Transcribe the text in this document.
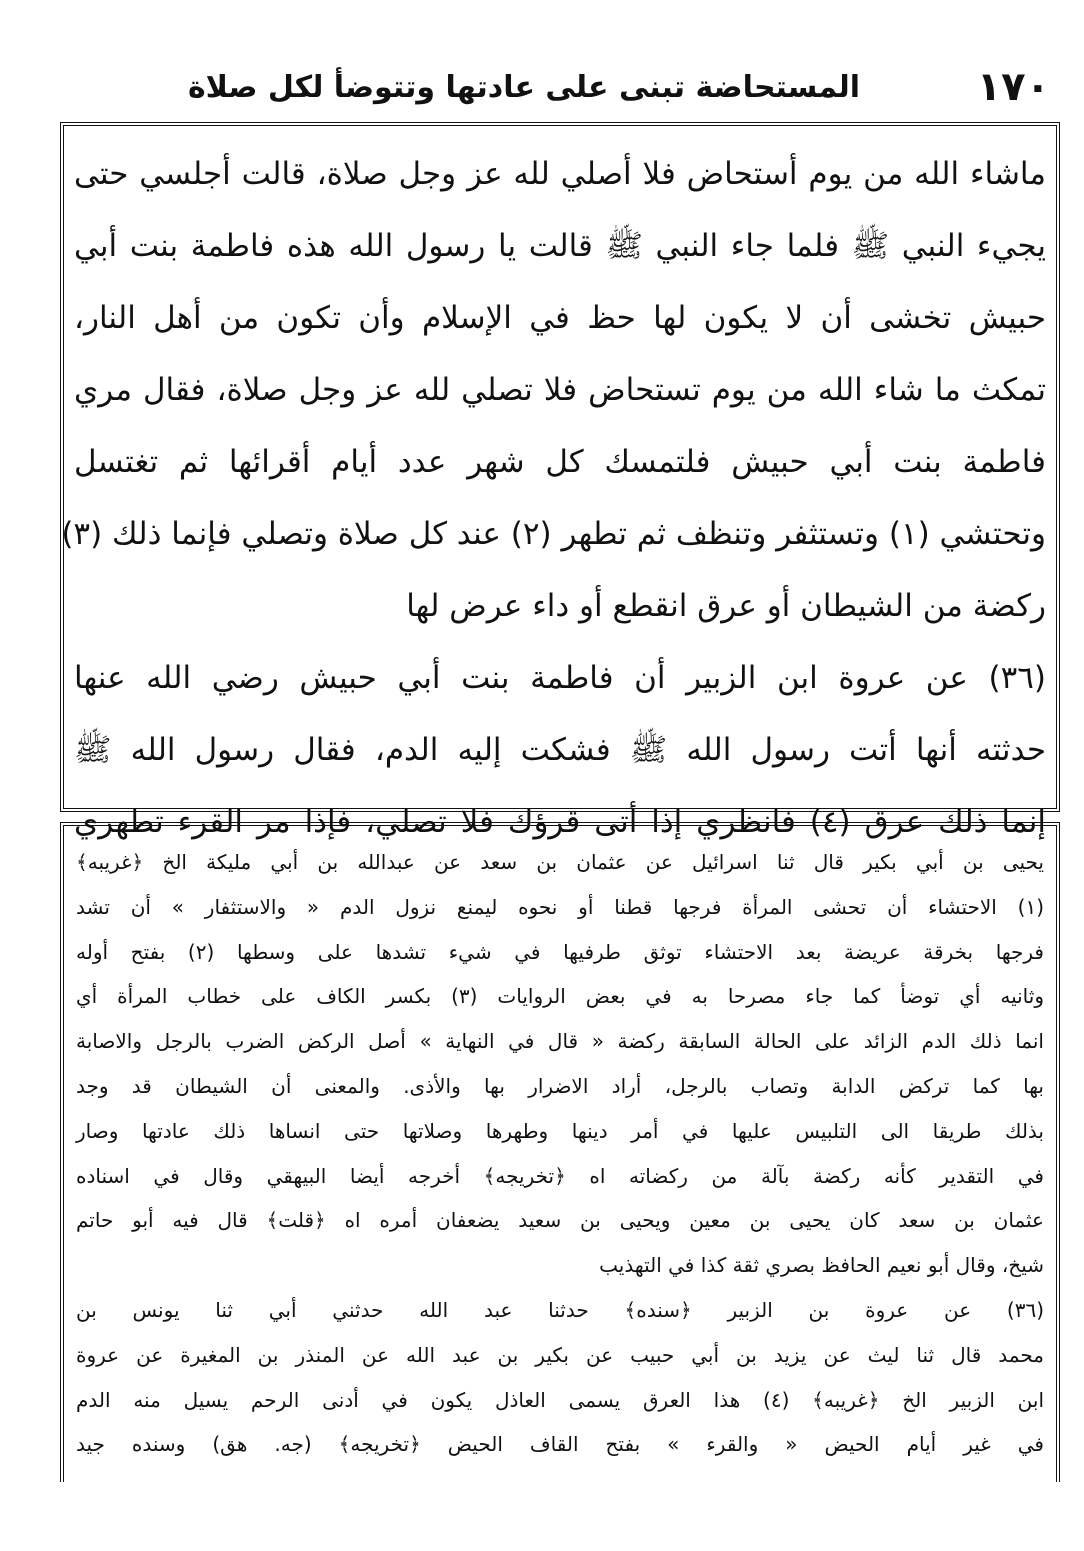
١٧٠
المستحاضة تبنى على عادتها وتتوضأ لكل صلاة
ماشاء الله من يوم أستحاض فلا أصلي لله عز وجل صلاة، قالت أجلسي حتى
يجيء النبي ﷺ فلما جاء النبي ﷺ قالت يا رسول الله هذه فاطمة بنت أبي
حبيش تخشى أن لا يكون لها حظ في الإسلام وأن تكون من أهل النار،
تمكث ما شاء الله من يوم تستحاض فلا تصلي لله عز وجل صلاة، فقال مري
فاطمة بنت أبي حبيش فلتمسك كل شهر عدد أيام أقرائها ثم تغتسل
وتحتشي (١) وتستثفر وتنظف ثم تطهر (٢) عند كل صلاة وتصلي فإنما ذلك (٣)
ركضة من الشيطان أو عرق انقطع أو داء عرض لها
(٣٦) عن عروة ابن الزبير أن فاطمة بنت أبي حبيش رضي الله عنها
حدثته أنها أتت رسول الله ﷺ فشكت إليه الدم، فقال رسول الله ﷺ
إنما ذلك عرق (٤) فانظري إذا أتى قرؤك فلا تصلي، فإذا مر القرء تطهري
يحيى بن أبي بكير قال ثنا اسرائيل عن عثمان بن سعد عن عبدالله بن أبي مليكة الخ ﴿غريبه﴾
(١) الاحتشاء أن تحشى المرأة فرجها قطنا أو نحوه ليمنع نزول الدم « والاستثفار » أن تشد
فرجها بخرقة عريضة بعد الاحتشاء توثق طرفيها في شيء تشدها على وسطها (٢) بفتح أوله
وثانيه أي توضأ كما جاء مصرحا به في بعض الروايات (٣) بكسر الكاف على خطاب المرأة أي
انما ذلك الدم الزائد على الحالة السابقة ركضة « قال في النهاية » أصل الركض الضرب بالرجل والاصابة
بها كما تركض الدابة وتصاب بالرجل، أراد الاضرار بها والأذى. والمعنى أن الشيطان قد وجد
بذلك طريقا الى التلبيس عليها في أمر دينها وطهرها وصلاتها حتى انساها ذلك عادتها وصار
في التقدير كأنه ركضة بآلة من ركضاته اه ﴿تخريجه﴾ أخرجه أيضا البيهقي وقال في اسناده
عثمان بن سعد كان يحيى بن معين ويحيى بن سعيد يضعفان أمره اه ﴿قلت﴾ قال فيه أبو حاتم
شيخ، وقال أبو نعيم الحافظ بصري ثقة كذا في التهذيب
(٣٦) عن عروة بن الزبير ﴿سنده﴾ حدثنا عبد الله حدثني أبي ثنا يونس بن
محمد قال ثنا ليث عن يزيد بن أبي حبيب عن بكير بن عبد الله عن المنذر بن المغيرة عن عروة
ابن الزبير الخ ﴿غريبه﴾ (٤) هذا العرق يسمى العاذل يكون في أدنى الرحم يسيل منه الدم
في غير أيام الحيض « والقرء » بفتح القاف الحيض ﴿تخريجه﴾ (جه. هق) وسنده جيد
